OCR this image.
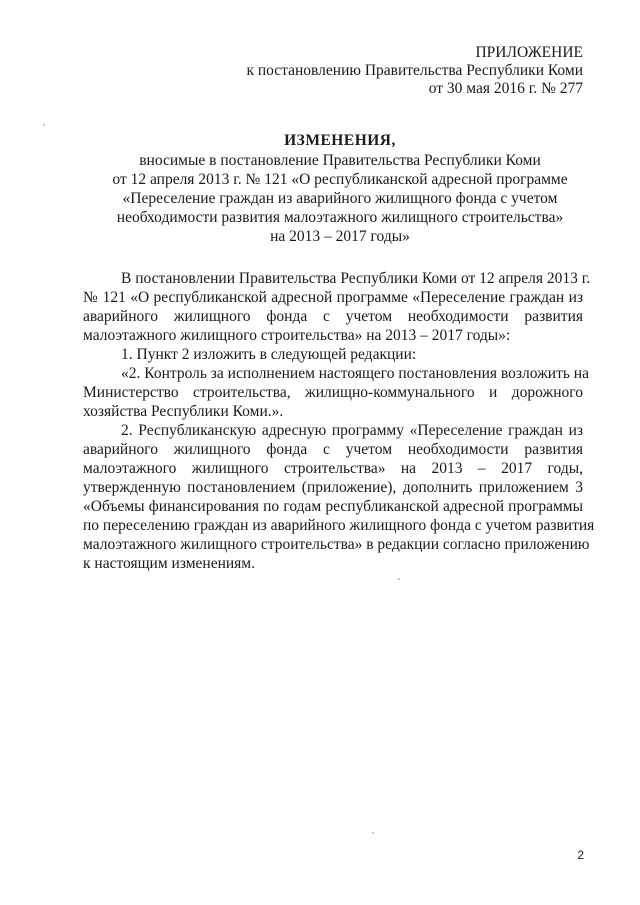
ПРИЛОЖЕНИЕ
к постановлению Правительства Республики Коми
от 30 мая 2016 г. № 277
ИЗМЕНЕНИЯ,
вносимые в постановление Правительства Республики Коми
от 12 апреля 2013 г. № 121 «О республиканской адресной программе
«Переселение граждан из аварийного жилищного фонда с учетом
необходимости развития малоэтажного жилищного строительства»
на 2013 – 2017 годы»

В постановлении Правительства Республики Коми от 12 апреля 2013 г.
№ 121 «О республиканской адресной программе «Переселение граждан из
аварийного жилищного фонда с учетом необходимости развития
малоэтажного жилищного строительства» на 2013 – 2017 годы»:

1. Пункт 2 изложить в следующей редакции:

«2. Контроль за исполнением настоящего постановления возложить на
Министерство строительства, жилищно-коммунального и дорожного
хозяйства Республики Коми.».

2. Республиканскую адресную программу «Переселение граждан из
аварийного жилищного фонда с учетом необходимости развития
малоэтажного жилищного строительства» на 2013 – 2017 годы,
утвержденную постановлением (приложение), дополнить приложением 3
«Объемы финансирования по годам республиканской адресной программы
по переселению граждан из аварийного жилищного фонда с учетом развития
малоэтажного жилищного строительства» в редакции согласно приложению
к настоящим изменениям.

2
